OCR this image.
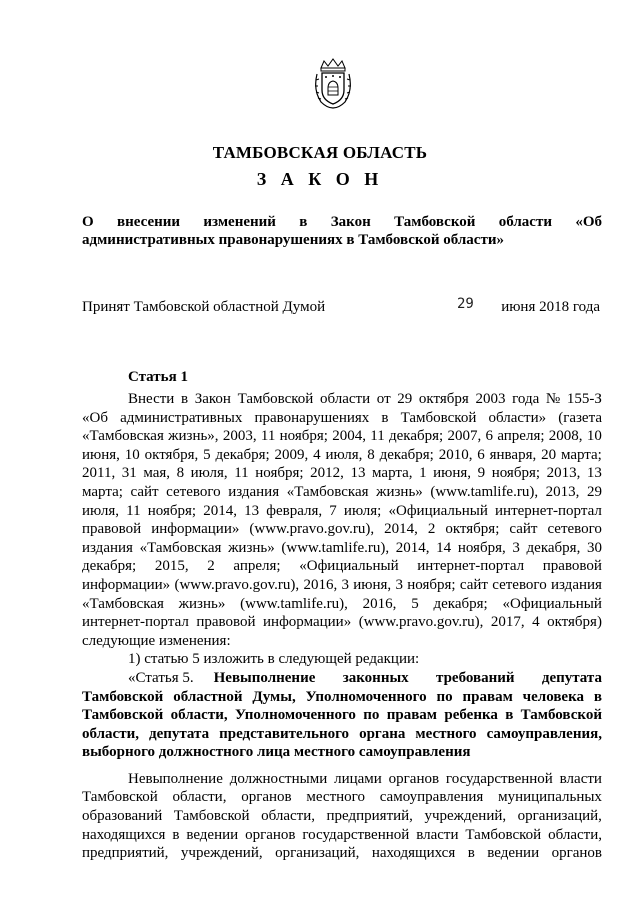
ТАМБОВСКАЯ ОБЛАСТЬ
З А К О Н
О внесении изменений в Закон Тамбовской области «Об
административных правонарушениях в Тамбовской области»
Принят Тамбовской областной Думой	29 июня 2018 года
Статья 1
Внести в Закон Тамбовской области от 29 октября 2003 года № 155-З
«Об административных правонарушениях в Тамбовской области» (газета
«Тамбовская жизнь», 2003, 11 ноября; 2004, 11 декабря; 2007, 6 апреля; 2008, 10
июня, 10 октября, 5 декабря; 2009, 4 июля, 8 декабря; 2010, 6 января, 20 марта;
2011, 31 мая, 8 июля, 11 ноября; 2012, 13 марта, 1 июня, 9 ноября; 2013, 13
марта; сайт сетевого издания «Тамбовская жизнь» (www.tamlife.ru), 2013, 29
июля, 11 ноября; 2014, 13 февраля, 7 июля; «Официальный интернет-портал
правовой информации» (www.pravo.gov.ru), 2014, 2 октября; сайт сетевого
издания «Тамбовская жизнь» (www.tamlife.ru), 2014, 14 ноября, 3 декабря, 30
декабря; 2015, 2 апреля; «Официальный интернет-портал правовой
информации» (www.pravo.gov.ru), 2016, 3 июня, 3 ноября; сайт сетевого издания
«Тамбовская жизнь» (www.tamlife.ru), 2016, 5 декабря; «Официальный
интернет-портал правовой информации» (www.pravo.gov.ru), 2017, 4 октября)
следующие изменения:
1) статью 5 изложить в следующей редакции:
«Статья 5. Невыполнение законных требований депутата
Тамбовской областной Думы, Уполномоченного по правам человека в
Тамбовской области, Уполномоченного по правам ребенка в Тамбовской
области, депутата представительного органа местного самоуправления,
выборного должностного лица местного самоуправления
Невыполнение должностными лицами органов государственной власти
Тамбовской области, органов местного самоуправления муниципальных
образований Тамбовской области, предприятий, учреждений, организаций,
находящихся в ведении органов государственной власти Тамбовской области,
предприятий, учреждений, организаций, находящихся в ведении органов
